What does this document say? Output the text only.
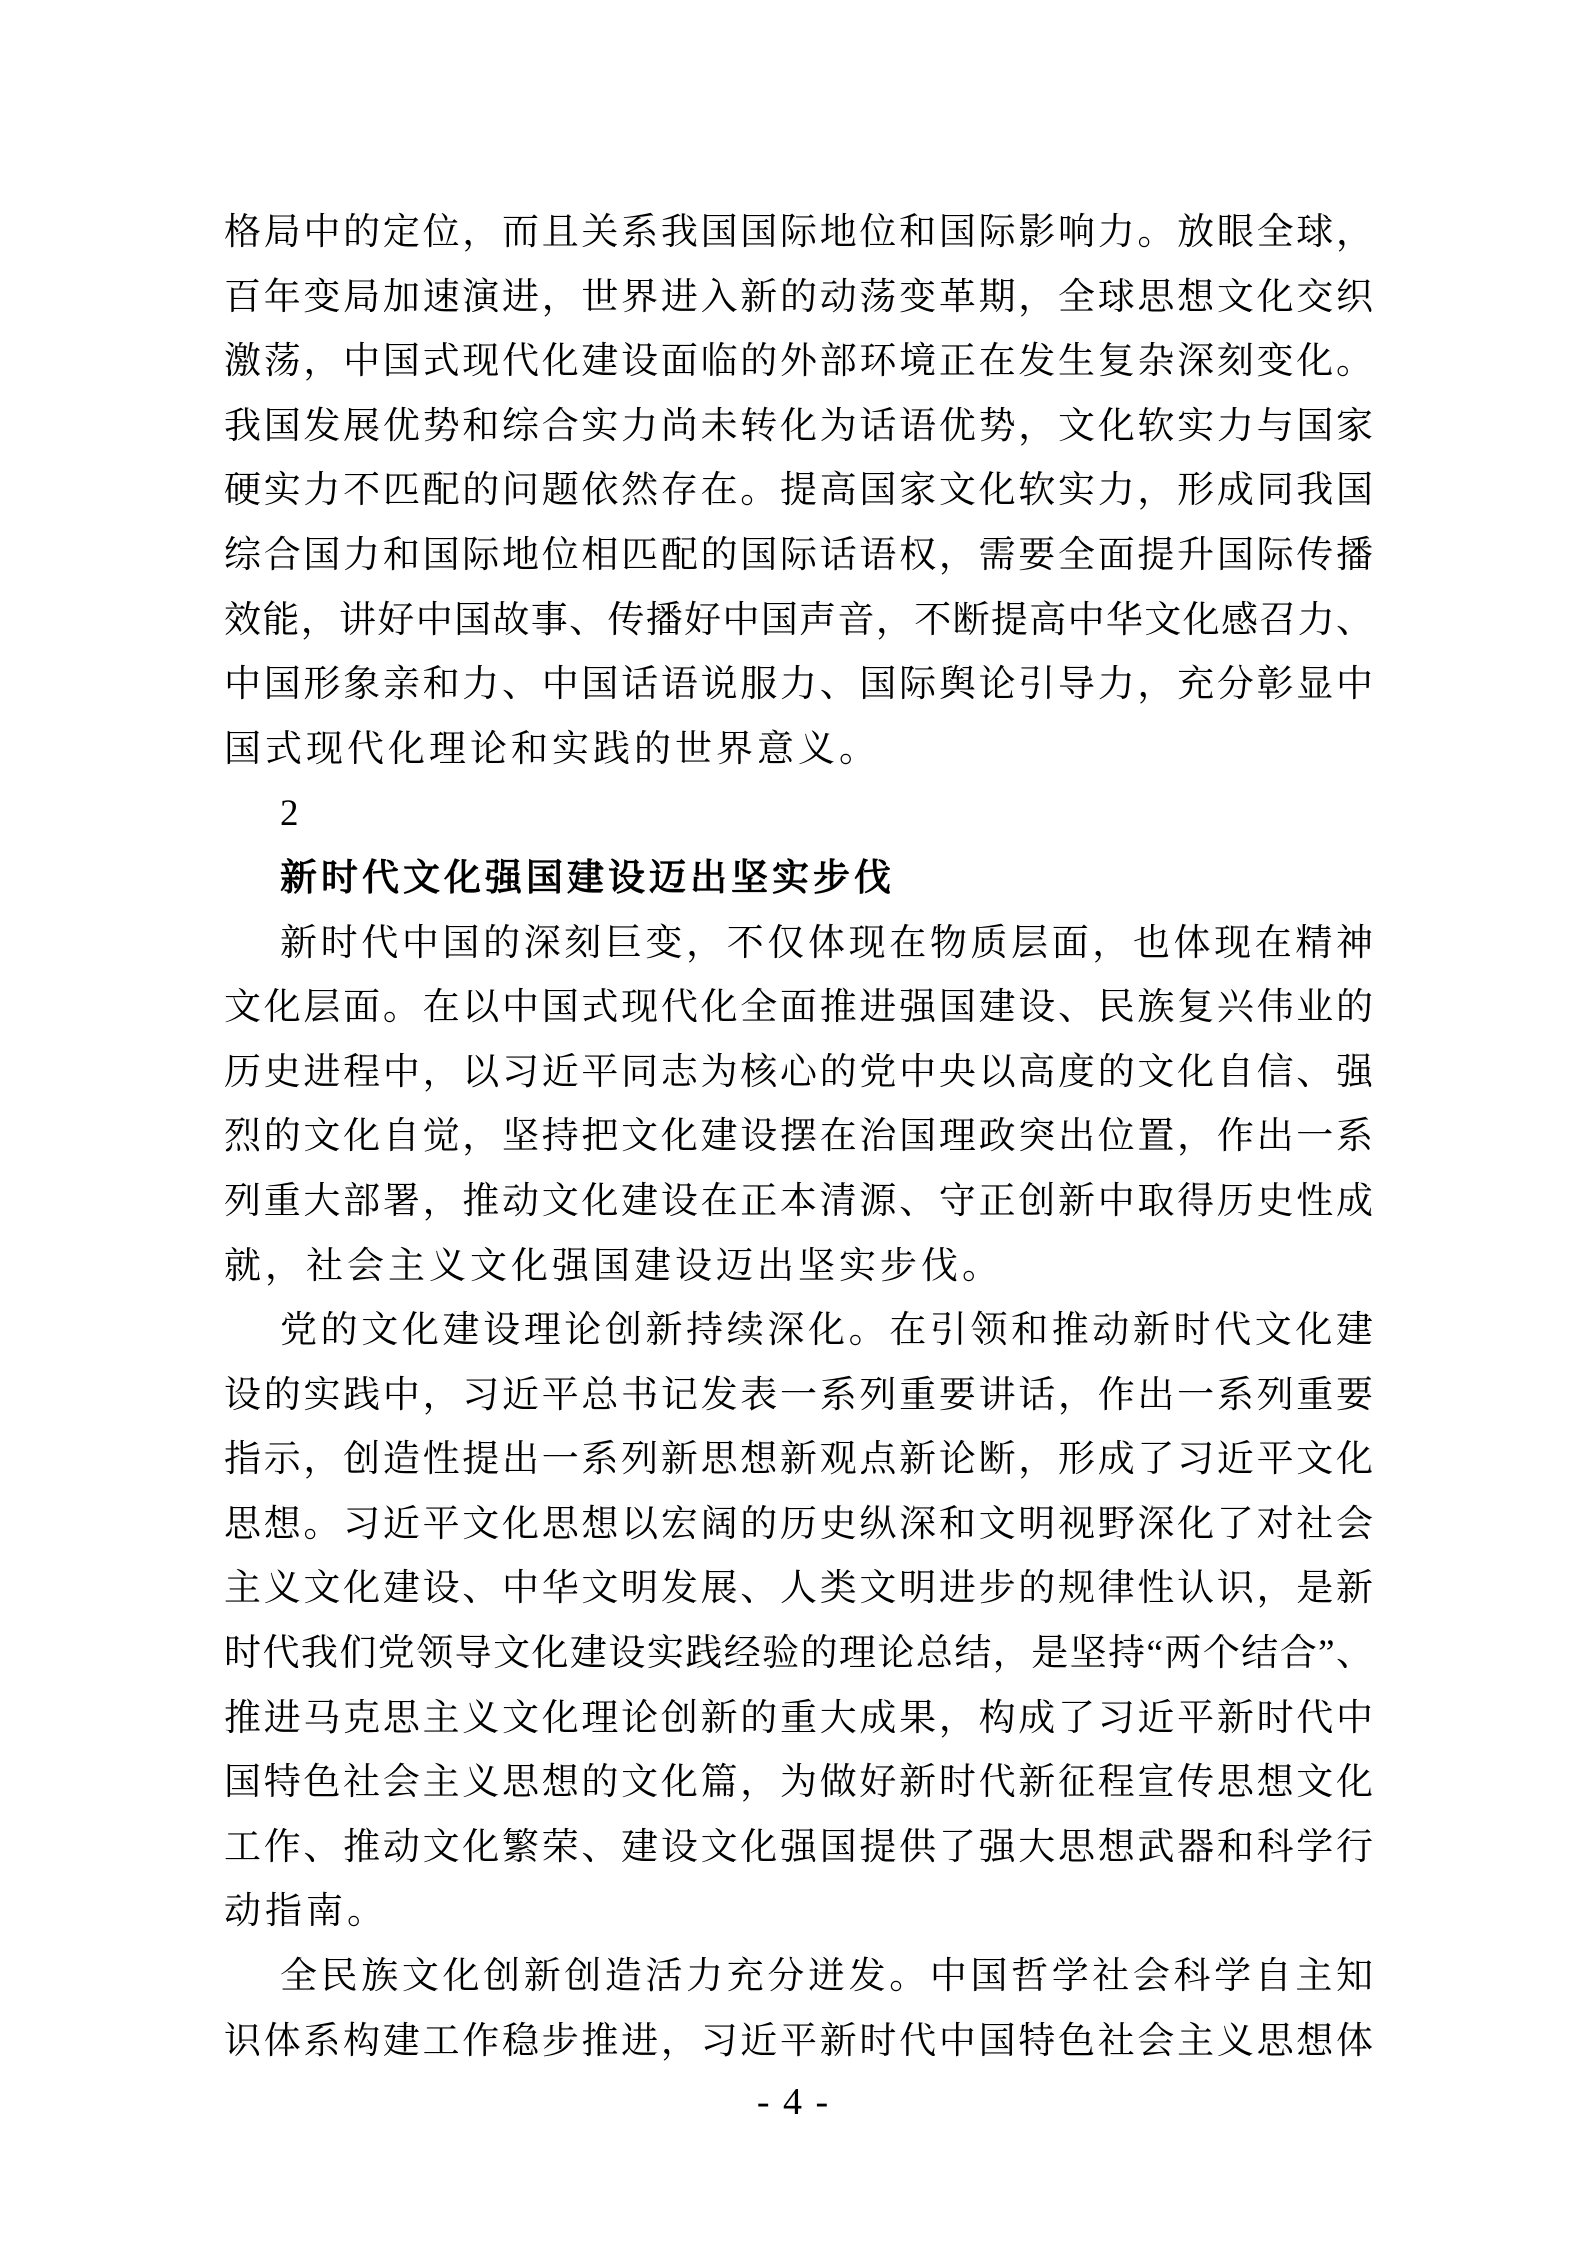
格局中的定位，而且关系我国国际地位和国际影响力。放眼全球，
百年变局加速演进，世界进入新的动荡变革期，全球思想文化交织
激荡，中国式现代化建设面临的外部环境正在发生复杂深刻变化。
我国发展优势和综合实力尚未转化为话语优势，文化软实力与国家
硬实力不匹配的问题依然存在。提高国家文化软实力，形成同我国
综合国力和国际地位相匹配的国际话语权，需要全面提升国际传播
效能，讲好中国故事、传播好中国声音，不断提高中华文化感召力、
中国形象亲和力、中国话语说服力、国际舆论引导力，充分彰显中
国式现代化理论和实践的世界意义。
2
新时代文化强国建设迈出坚实步伐
新时代中国的深刻巨变，不仅体现在物质层面，也体现在精神
文化层面。在以中国式现代化全面推进强国建设、民族复兴伟业的
历史进程中，以习近平同志为核心的党中央以高度的文化自信、强
烈的文化自觉，坚持把文化建设摆在治国理政突出位置，作出一系
列重大部署，推动文化建设在正本清源、守正创新中取得历史性成
就，社会主义文化强国建设迈出坚实步伐。
党的文化建设理论创新持续深化。在引领和推动新时代文化建
设的实践中，习近平总书记发表一系列重要讲话，作出一系列重要
指示，创造性提出一系列新思想新观点新论断，形成了习近平文化
思想。习近平文化思想以宏阔的历史纵深和文明视野深化了对社会
主义文化建设、中华文明发展、人类文明进步的规律性认识，是新
时代我们党领导文化建设实践经验的理论总结，是坚持“两个结合”、
推进马克思主义文化理论创新的重大成果，构成了习近平新时代中
国特色社会主义思想的文化篇，为做好新时代新征程宣传思想文化
工作、推动文化繁荣、建设文化强国提供了强大思想武器和科学行
动指南。
全民族文化创新创造活力充分迸发。中国哲学社会科学自主知
识体系构建工作稳步推进，习近平新时代中国特色社会主义思想体
- 4 -
